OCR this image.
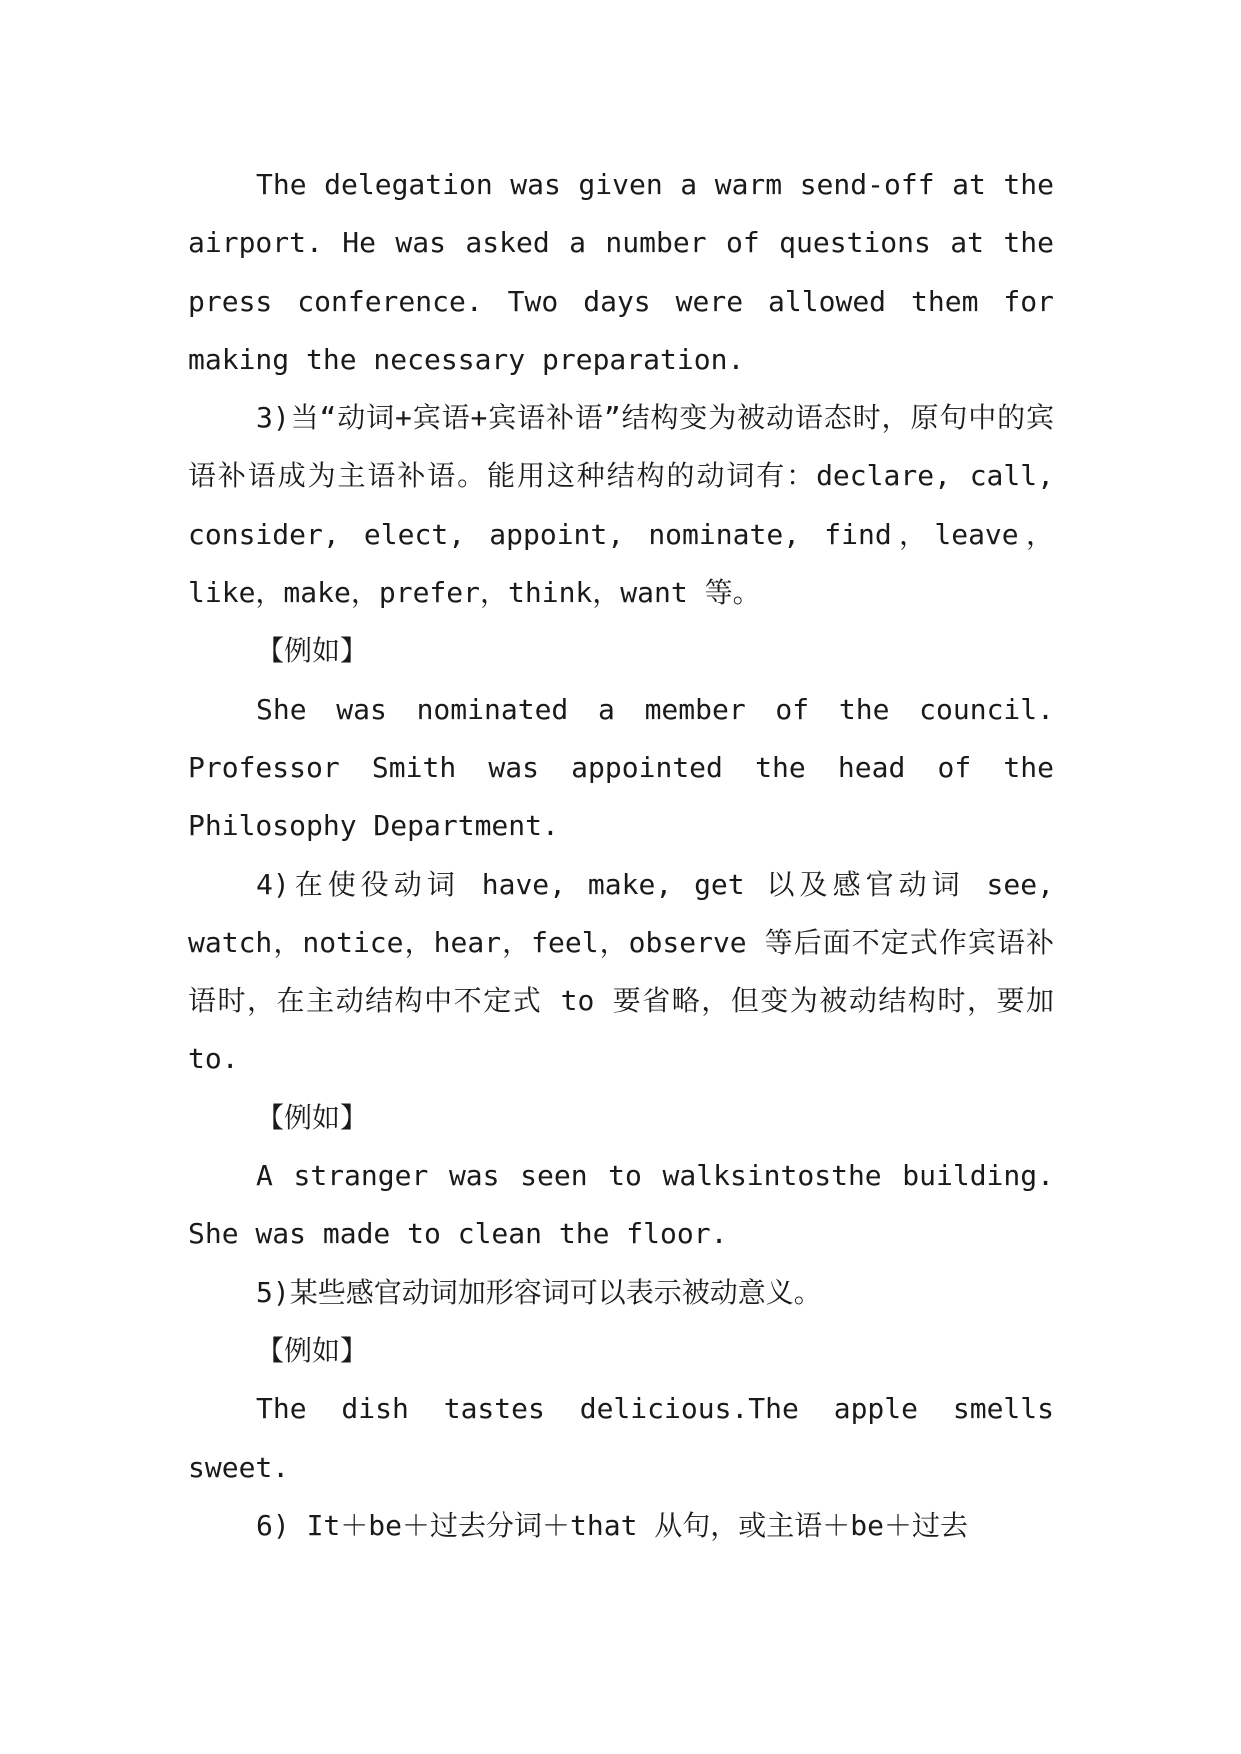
The delegation was given a warm send-off at the airport. He was asked a number of questions at the press conference. Two days were allowed them for making the necessary preparation.

3)当“动词+宾语+宾语补语”结构变为被动语态时，原句中的宾语补语成为主语补语。能用这种结构的动词有：declare, call, consider, elect, appoint, nominate, find，leave，like，make，prefer，think，want 等。

【例如】

She was nominated a member of the council. Professor Smith was appointed the head of the Philosophy Department.

4)在使役动词 have, make, get 以及感官动词 see, watch，notice，hear，feel，observe 等后面不定式作宾语补语时，在主动结构中不定式 to 要省略，但变为被动结构时，要加 to.

【例如】

A stranger was seen to walksintosthe building. She was made to clean the floor.

5)某些感官动词加形容词可以表示被动意义。

【例如】

The dish tastes delicious.The apple smells sweet.

6) It＋be＋过去分词＋that 从句，或主语＋be＋过去
